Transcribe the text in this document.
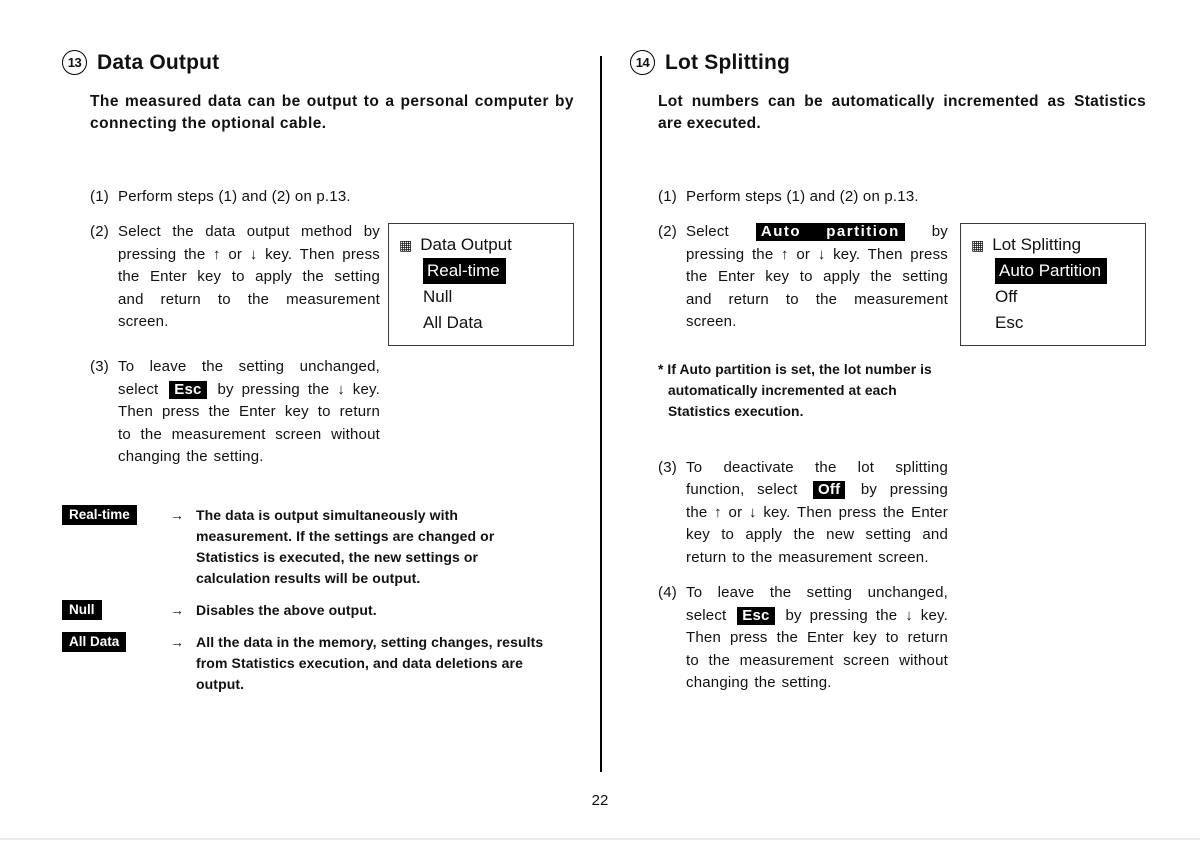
13 Data Output

The measured data can be output to a personal computer by connecting the optional cable.

(1) Perform steps (1) and (2) on p.13.
(2) Select the data output method by pressing the ↑ or ↓ key. Then press the Enter key to apply the setting and return to the measurement screen.
▦
Data Output
Real-time
Null
All Data
(3) To leave the setting unchanged, select Esc by pressing the ↓ key. Then press the Enter key to return to the measurement screen without changing the setting.
Real-time	→ The data is output simultaneously with measurement. If the settings are changed or Statistics is executed, the new settings or calculation results will be output.
Null	→ Disables the above output.
All Data	→ All the data in the memory, setting changes, results from Statistics execution, and data deletions are output.
14 Lot Splitting

Lot numbers can be automatically incremented as Statistics are executed.

(1) Perform steps (1) and (2) on p.13.
(2) Select Auto partition by pressing the ↑ or ↓ key. Then press the Enter key to apply the setting and return to the measurement screen.
▦
Lot Splitting
Auto Partition
Off
Esc

* If Auto partition is set, the lot number is automatically incremented at each Statistics execution.

(3) To deactivate the lot splitting function, select Off by pressing the ↑ or ↓ key. Then press the Enter key to apply the new setting and return to the measurement screen.
(4) To leave the setting unchanged, select Esc by pressing the ↓ key. Then press the Enter key to return to the measurement screen without changing the setting.
22
